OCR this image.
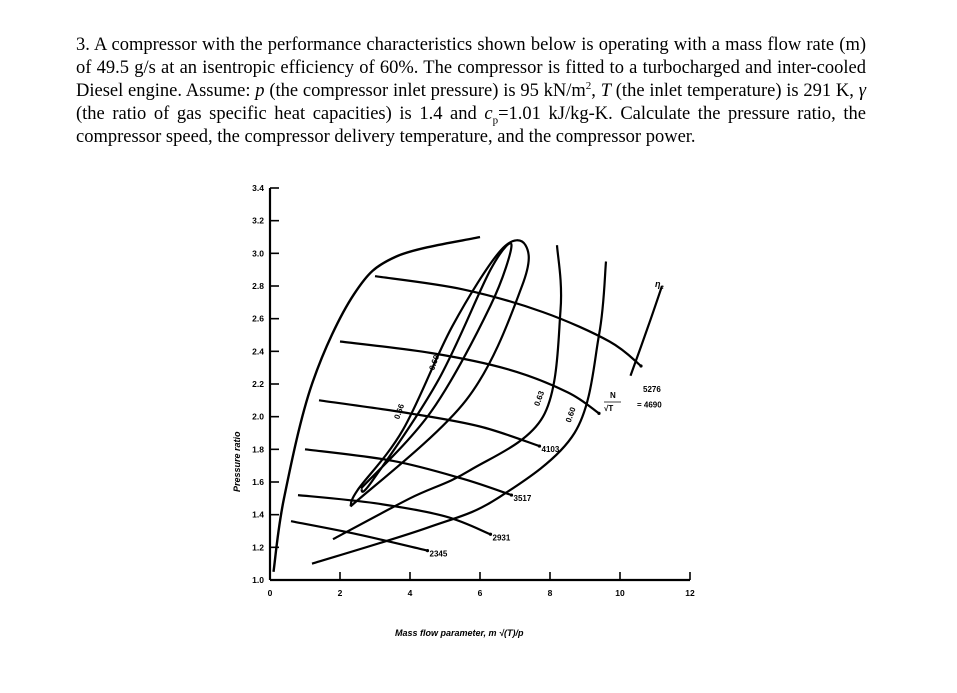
3. A compressor with the performance characteristics shown below is operating with a mass flow rate (m) of 49.5 g/s at an isentropic efficiency of 60%. The compressor is fitted to a turbocharged and inter-cooled Diesel engine. Assume: p (the compressor inlet pressure) is 95 $kN/m^2$, T (the inlet temperature) is 291 K, γ (the ratio of gas specific heat capacities) is 1.4 and $c_p=1.01$ kJ/kg-K. Calculate the pressure ratio, the compressor speed, the compressor delivery temperature, and the compressor power.
1.0
1.2
1.4
1.6
1.8
2.0
2.2
2.4
2.6
2.8
3.0
3.2
3.4
0	2	4	6	8	10	12
0.69
0.66
0.63
0.60
2345
2931
3517
4103
= 4690
5276
Pressure ratio
Mass flow parameter, m √(T)/p
$\eta_c$
N
√T
